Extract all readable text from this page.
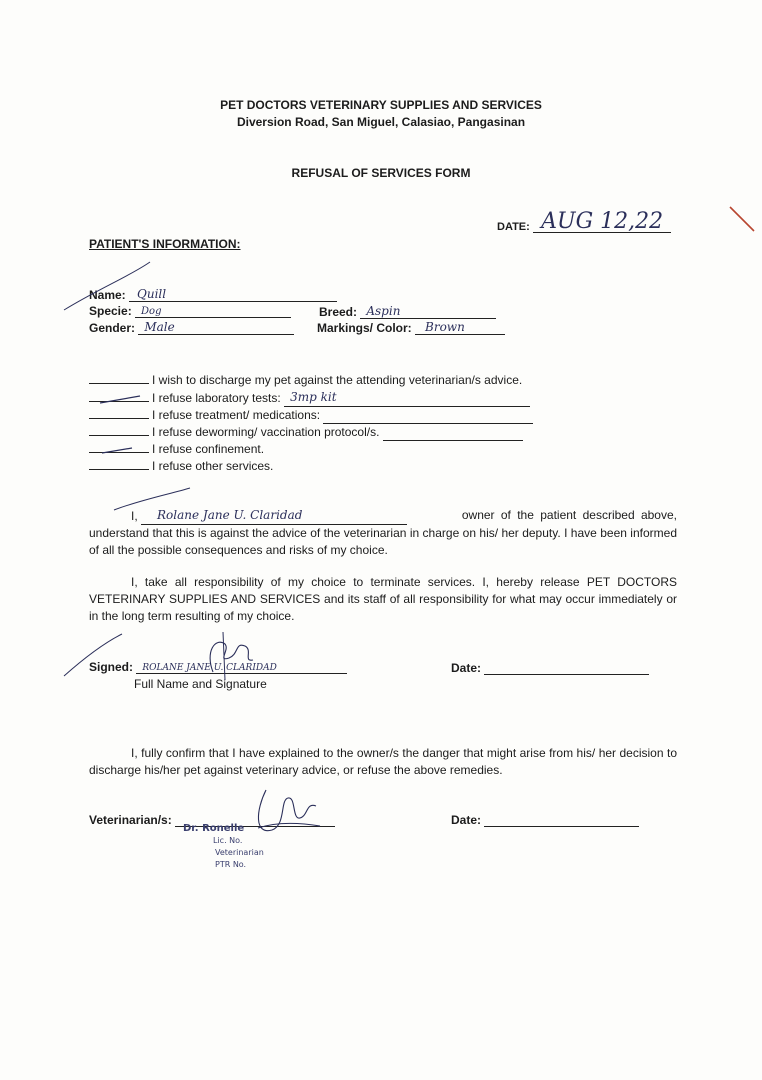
PET DOCTORS VETERINARY SUPPLIES AND SERVICES
Diversion Road, San Miguel, Calasiao, Pangasinan
REFUSAL OF SERVICES FORM
DATE: AUG 12,22
PATIENT'S INFORMATION:
Name: Quill
Specie: Dog
Gender: Male
Breed: Aspin
Markings/ Color: Brown
I wish to discharge my pet against the attending veterinarian/s advice.
I refuse laboratory tests: 3mp kit
I refuse treatment/ medications:
I refuse deworming/ vaccination protocol/s.
I refuse confinement.
I refuse other services.
I, Rolane Jane U. Claridad	owner of the patient described above,
understand that this is against the advice of the veterinarian in charge on his/ her deputy. I have been informed of all the possible consequences and risks of my choice.
I, take all responsibility of my choice to terminate services. I, hereby release PET DOCTORS VETERINARY SUPPLIES AND SERVICES and its staff of all responsibility for what may occur immediately or in the long term resulting of my choice.
Signed: ROLANE JANE U. CLARIDAD
Full Name and Signature
Date:
I, fully confirm that I have explained to the owner/s the danger that might arise from his/ her decision to discharge his/her pet against veterinary advice, or refuse the above remedies.
Veterinarian/s:	Date:
Dr. Ronelle
Lic. No.
Veterinarian
PTR No.
